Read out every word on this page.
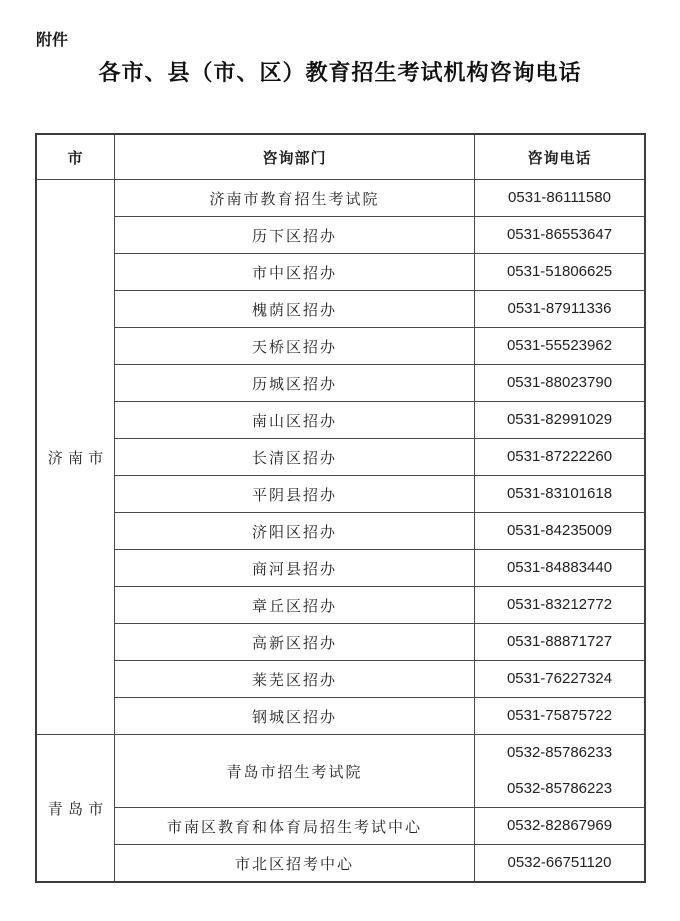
附件
各市、县（市、区）教育招生考试机构咨询电话
市	咨询部门	咨询电话
济南市	济南市教育招生考试院	0531-86111580

	历下区招办	0531-86553647

	市中区招办	0531-51806625

	槐荫区招办	0531-87911336

	天桥区招办	0531-55523962

	历城区招办	0531-88023790

	南山区招办	0531-82991029

	长清区招办	0531-87222260

	平阴县招办	0531-83101618

	济阳区招办	0531-84235009

	商河县招办	0531-84883440

	章丘区招办	0531-83212772

	高新区招办	0531-88871727

	莱芜区招办	0531-76227324

	钢城区招办	0531-75875722

青岛市	青岛市招生考试院	0532-85786233
0532-85786223

	市南区教育和体育局招生考试中心	0532-82867969

	市北区招考中心	0532-66751120
